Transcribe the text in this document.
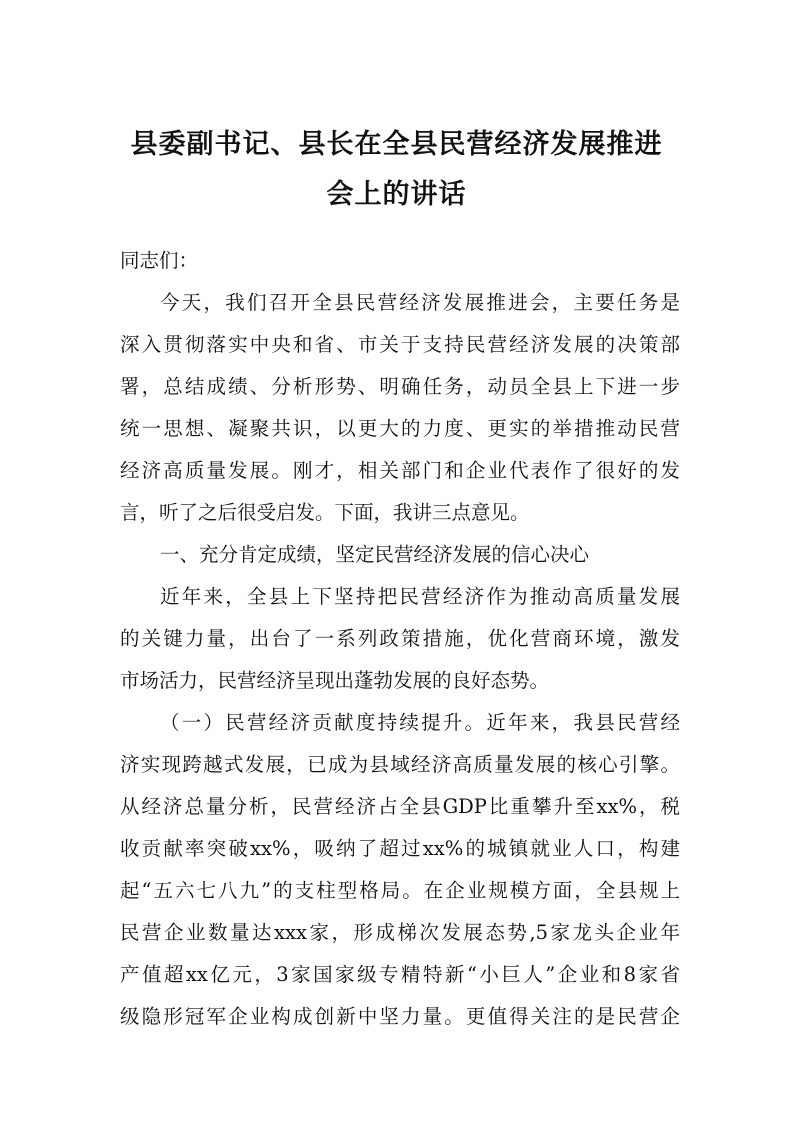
县委副书记、县长在全县民营经济发展推进
会上的讲话

同志们：

今天，我们召开全县民营经济发展推进会，主要任务是

深入贯彻落实中央和省、市关于支持民营经济发展的决策部

署，总结成绩、分析形势、明确任务，动员全县上下进一步

统一思想、凝聚共识，以更大的力度、更实的举措推动民营

经济高质量发展。刚才，相关部门和企业代表作了很好的发

言，听了之后很受启发。下面，我讲三点意见。

一、充分肯定成绩，坚定民营经济发展的信心决心

近年来，全县上下坚持把民营经济作为推动高质量发展

的关键力量，出台了一系列政策措施，优化营商环境，激发

市场活力，民营经济呈现出蓬勃发展的良好态势。

（一）民营经济贡献度持续提升。近年来，我县民营经

济实现跨越式发展，已成为县域经济高质量发展的核心引擎。

从经济总量分析，民营经济占全县GDP比重攀升至xx%，税

收贡献率突破xx%，吸纳了超过xx%的城镇就业人口，构建

起“五六七八九”的支柱型格局。在企业规模方面，全县规上

民营企业数量达xxx家，形成梯次发展态势,5家龙头企业年

产值超xx亿元，3家国家级专精特新“小巨人”企业和8家省

级隐形冠军企业构成创新中坚力量。更值得关注的是民营企
